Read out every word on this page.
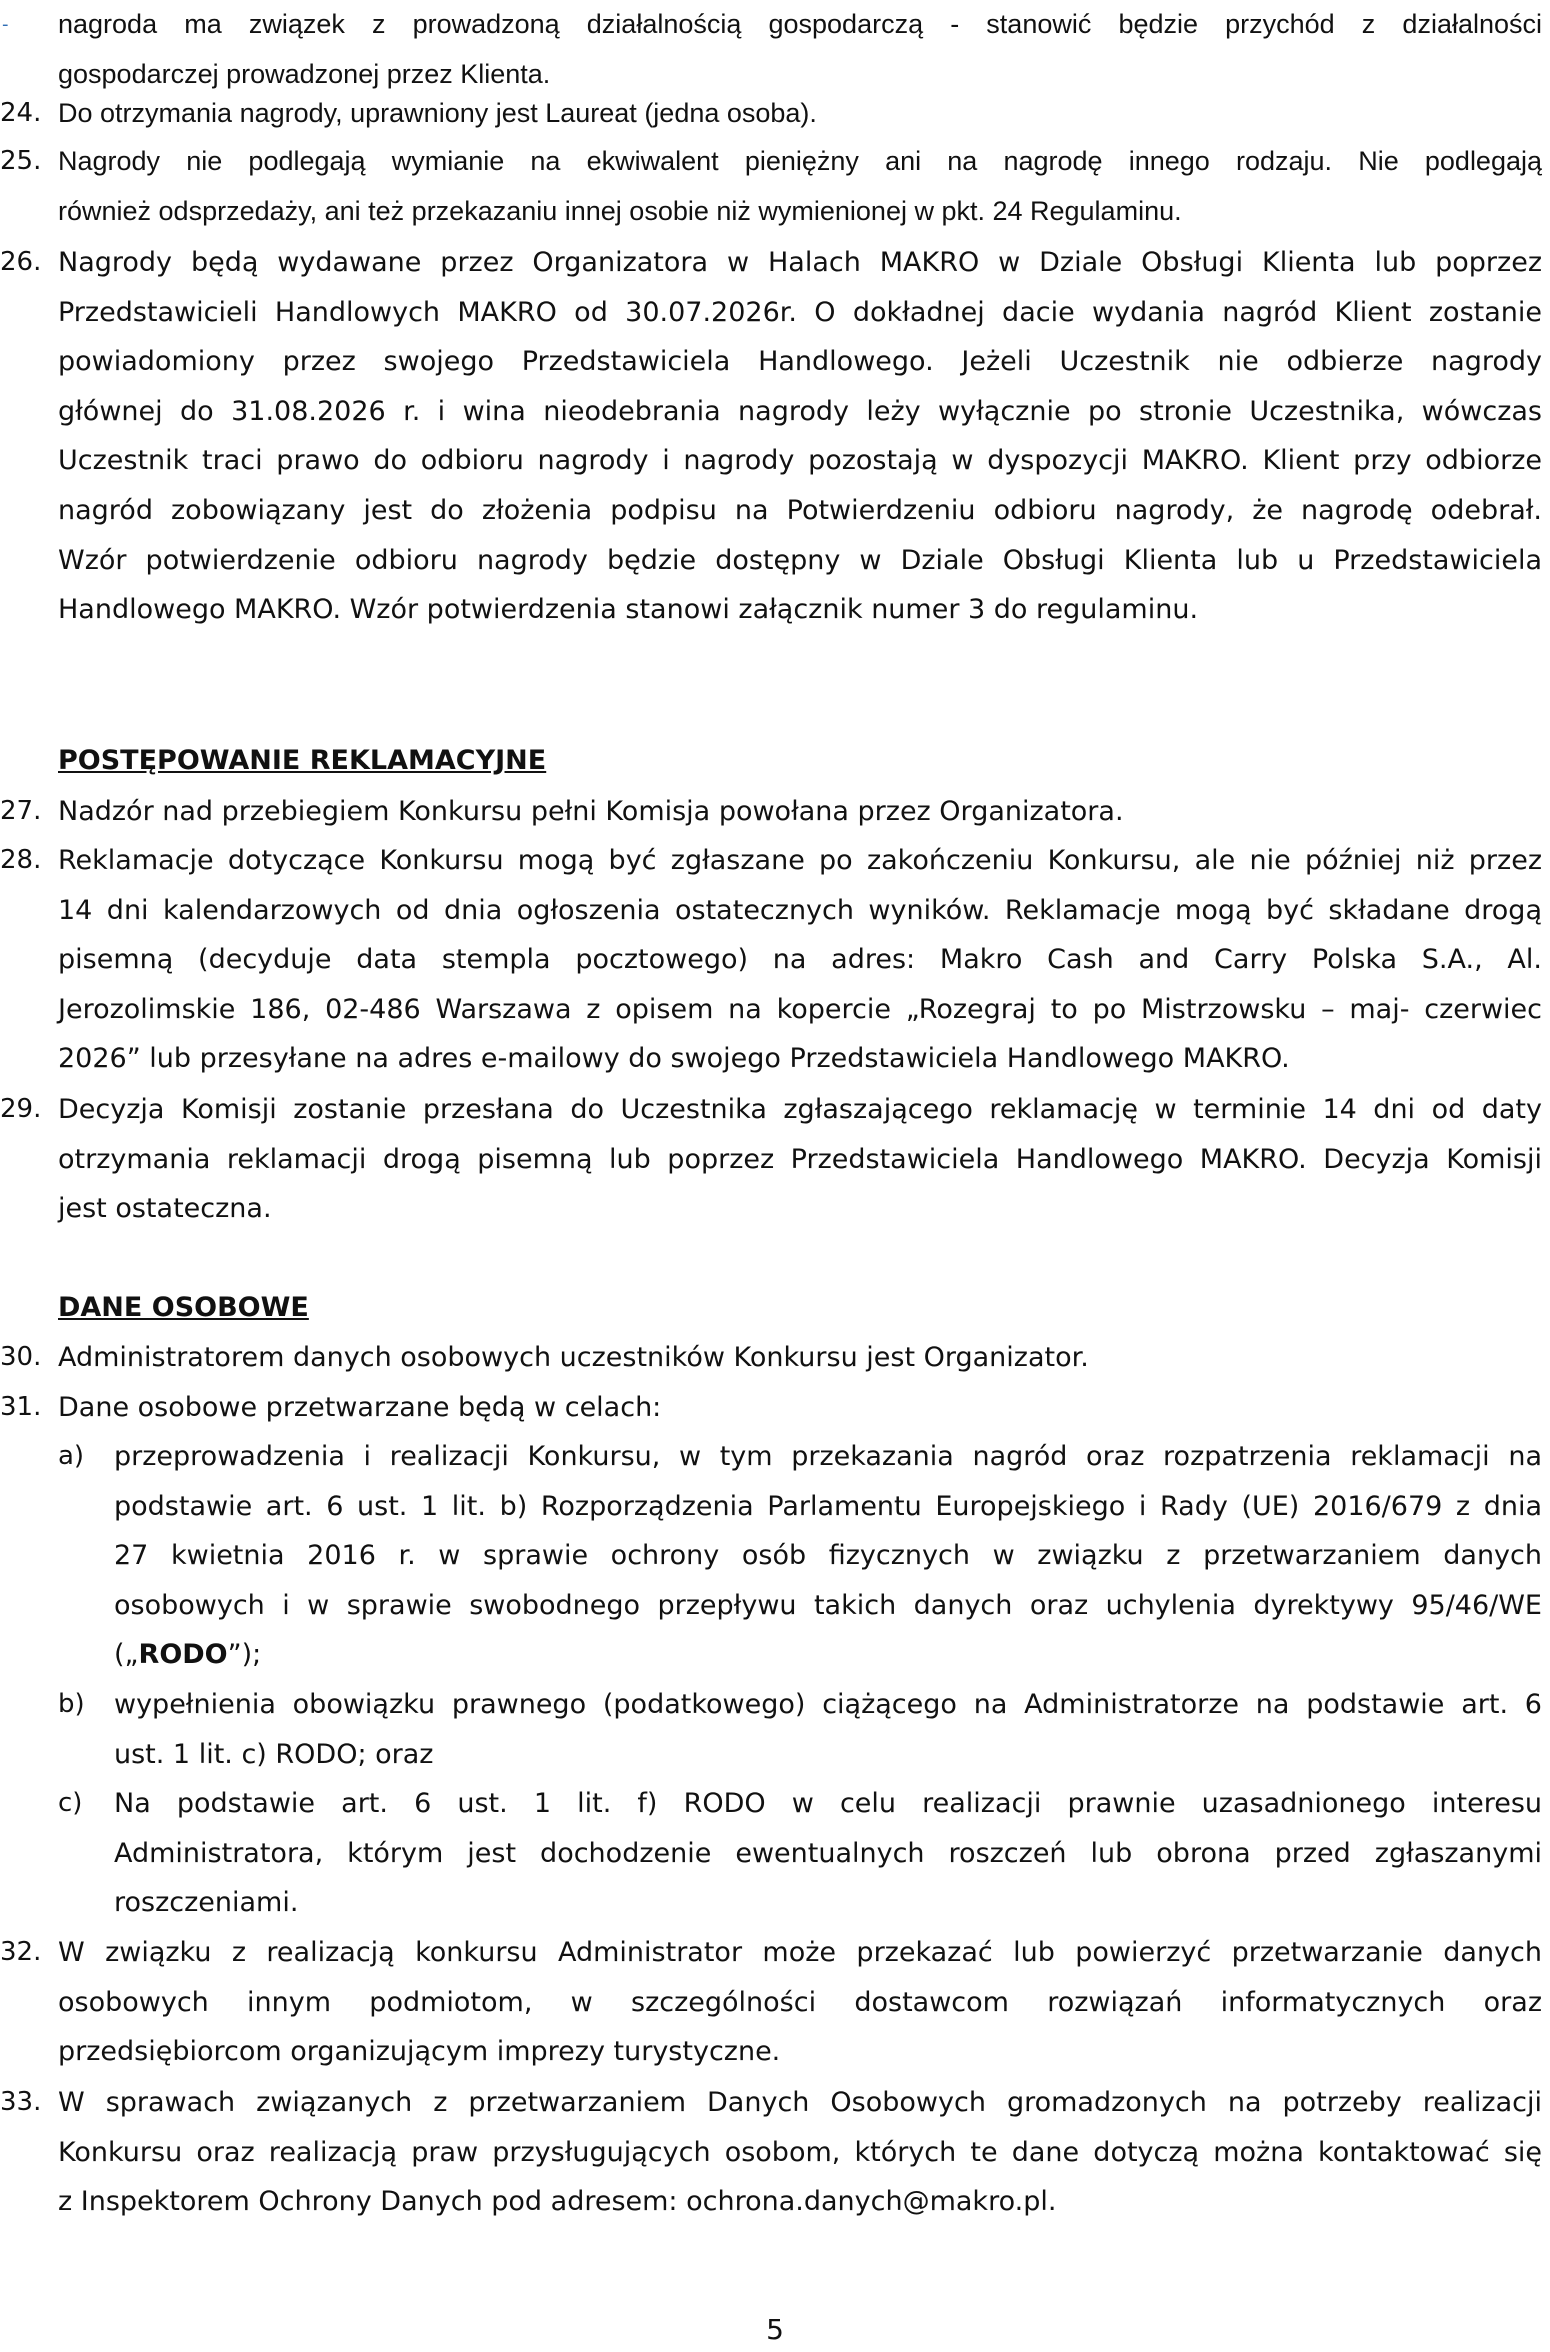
-
POSTĘPOWANIE REKLAMACYJNE
DANE OSOBOWE
nagroda ma związek z prowadzoną działalnością gospodarczą - stanowić będzie przychód z działalności
gospodarczej prowadzonej przez Klienta.
24. Do otrzymania nagrody, uprawniony jest Laureat (jedna osoba).
25. Nagrody nie podlegają wymianie na ekwiwalent pieniężny ani na nagrodę innego rodzaju. Nie podlegają
również odsprzedaży, ani też przekazaniu innej osobie niż wymienionej w pkt. 24 Regulaminu.
26. Nagrody będą wydawane przez Organizatora w Halach MAKRO w Dziale Obsługi Klienta lub poprzez
Przedstawicieli Handlowych MAKRO od 30.07.2026r. O dokładnej dacie wydania nagród Klient zostanie
powiadomiony przez swojego Przedstawiciela Handlowego. Jeżeli Uczestnik nie odbierze nagrody
głównej do 31.08.2026 r. i wina nieodebrania nagrody leży wyłącznie po stronie Uczestnika, wówczas
Uczestnik traci prawo do odbioru nagrody i nagrody pozostają w dyspozycji MAKRO. Klient przy odbiorze
nagród zobowiązany jest do złożenia podpisu na Potwierdzeniu odbioru nagrody, że nagrodę odebrał.
Wzór potwierdzenie odbioru nagrody będzie dostępny w Dziale Obsługi Klienta lub u Przedstawiciela
Handlowego MAKRO. Wzór potwierdzenia stanowi załącznik numer 3 do regulaminu.
27. Nadzór nad przebiegiem Konkursu pełni Komisja powołana przez Organizatora.
28. Reklamacje dotyczące Konkursu mogą być zgłaszane po zakończeniu Konkursu, ale nie później niż przez
14 dni kalendarzowych od dnia ogłoszenia ostatecznych wyników. Reklamacje mogą być składane drogą
pisemną (decyduje data stempla pocztowego) na adres: Makro Cash and Carry Polska S.A., Al.
Jerozolimskie 186, 02-486 Warszawa z opisem na kopercie „Rozegraj to po Mistrzowsku – maj- czerwiec
2026” lub przesyłane na adres e-mailowy do swojego Przedstawiciela Handlowego MAKRO.
29. Decyzja Komisji zostanie przesłana do Uczestnika zgłaszającego reklamację w terminie 14 dni od daty
otrzymania reklamacji drogą pisemną lub poprzez Przedstawiciela Handlowego MAKRO. Decyzja Komisji
jest ostateczna.
30. Administratorem danych osobowych uczestników Konkursu jest Organizator.
31. Dane osobowe przetwarzane będą w celach:
a)	przeprowadzenia i realizacji Konkursu, w tym przekazania nagród oraz rozpatrzenia reklamacji na
podstawie art. 6 ust. 1 lit. b) Rozporządzenia Parlamentu Europejskiego i Rady (UE) 2016/679 z dnia
27 kwietnia 2016 r. w sprawie ochrony osób fizycznych w związku z przetwarzaniem danych
osobowych i w sprawie swobodnego przepływu takich danych oraz uchylenia dyrektywy 95/46/WE
(„RODO”);
b)	wypełnienia obowiązku prawnego (podatkowego) ciążącego na Administratorze na podstawie art. 6
ust. 1 lit. c) RODO; oraz
c)	Na podstawie art. 6 ust. 1 lit. f) RODO w celu realizacji prawnie uzasadnionego interesu
Administratora, którym jest dochodzenie ewentualnych roszczeń lub obrona przed zgłaszanymi
roszczeniami.
32. W związku z realizacją konkursu Administrator może przekazać lub powierzyć przetwarzanie danych
osobowych innym podmiotom, w szczególności dostawcom rozwiązań informatycznych oraz
przedsiębiorcom organizującym imprezy turystyczne.
33. W sprawach związanych z przetwarzaniem Danych Osobowych gromadzonych na potrzeby realizacji
Konkursu oraz realizacją praw przysługujących osobom, których te dane dotyczą można kontaktować się
z Inspektorem Ochrony Danych pod adresem: ochrona.danych@makro.pl.
5
